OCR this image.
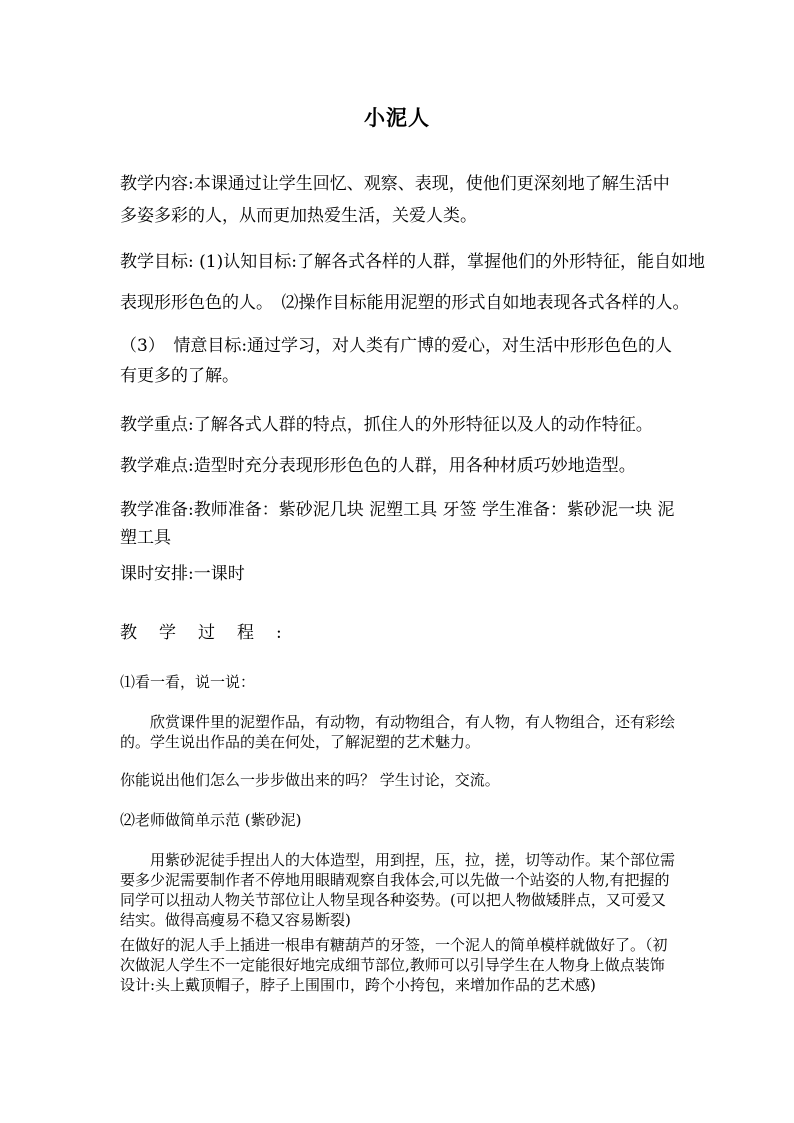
小泥人

教学内容:本课通过让学生回忆、观察、表现，使他们更深刻地了解生活中多姿多彩的人，从而更加热爱生活，关爱人类。

教学目标: (1)认知目标:了解各式各样的人群，掌握他们的外形特征，能自如地

表现形形色色的人。　⑵操作目标能用泥塑的形式自如地表现各式各样的人。

（3）　情意目标:通过学习，对人类有广博的爱心，对生活中形形色色的人有更多的了解。

教学重点:了解各式人群的特点，抓住人的外形特征以及人的动作特征。

教学难点:造型时充分表现形形色色的人群，用各种材质巧妙地造型。

教学准备:教师准备：紫砂泥几块 泥塑工具 牙签 学生准备：紫砂泥一块 泥塑工具

课时安排:一课时

教学过程:

⑴看一看，说一说：

欣赏课件里的泥塑作品，有动物，有动物组合，有人物，有人物组合，还有彩绘的。学生说出作品的美在何处，了解泥塑的艺术魅力。

你能说出他们怎么一步步做出来的吗？ 学生讨论，交流。

⑵老师做简单示范 (紫砂泥)

用紫砂泥徒手捏出人的大体造型，用到捏，压，拉，搓，切等动作。某个部位需要多少泥需要制作者不停地用眼睛观察自我体会,可以先做一个站姿的人物,有把握的同学可以扭动人物关节部位让人物呈现各种姿势。(可以把人物做矮胖点，又可爱又结实。做得高瘦易不稳又容易断裂)

在做好的泥人手上插进一根串有糖葫芦的牙签，一个泥人的简单模样就做好了。（初次做泥人学生不一定能很好地完成细节部位,教师可以引导学生在人物身上做点装饰设计:头上戴顶帽子，脖子上围围巾，跨个小挎包，来增加作品的艺术感)
